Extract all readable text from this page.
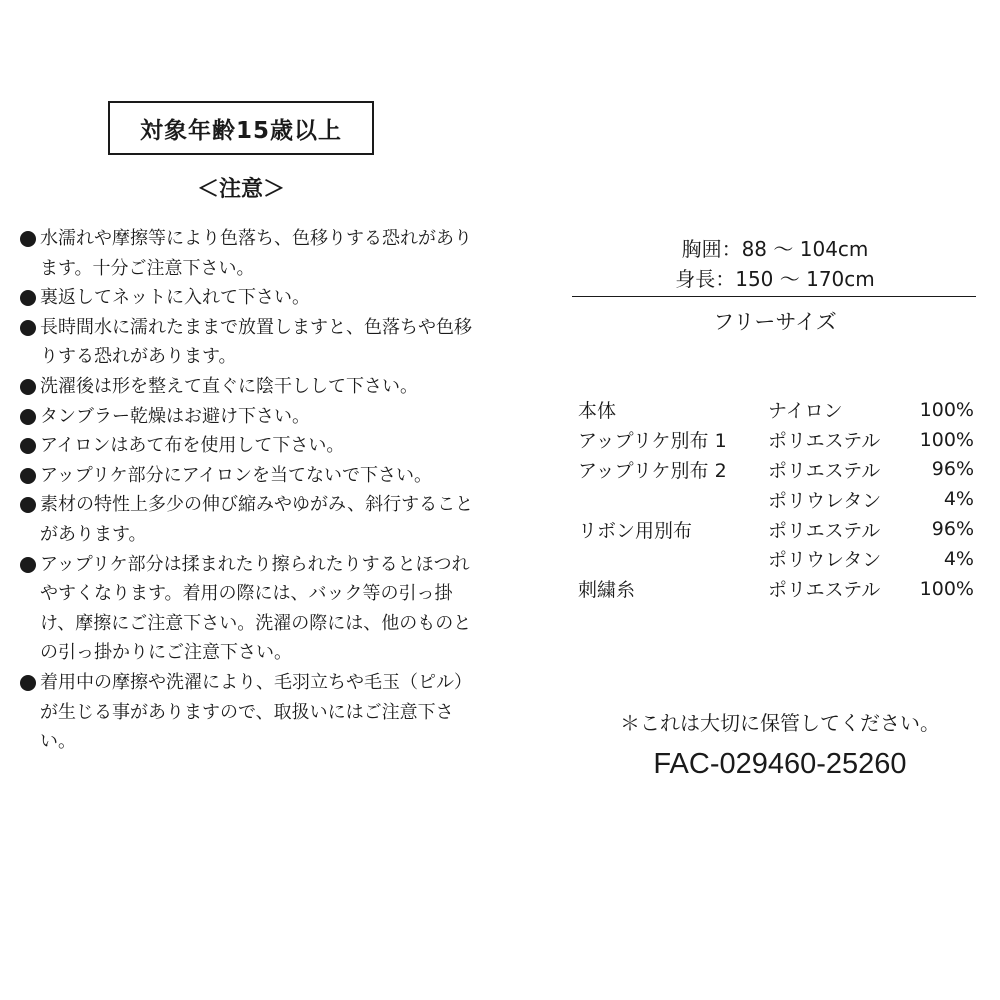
対象年齢15歳以上
＜注意＞
水濡れや摩擦等により色落ち、色移りする恐れがあります。十分ご注意下さい。
裏返してネットに入れて下さい。
長時間水に濡れたままで放置しますと、色落ちや色移りする恐れがあります。
洗濯後は形を整えて直ぐに陰干しして下さい。
タンブラー乾燥はお避け下さい。
アイロンはあて布を使用して下さい。
アップリケ部分にアイロンを当てないで下さい。
素材の特性上多少の伸び縮みやゆがみ、斜行することがあります。
アップリケ部分は揉まれたり擦られたりするとほつれやすくなります。着用の際には、バック等の引っ掛け、摩擦にご注意下さい。洗濯の際には、他のものとの引っ掛かりにご注意下さい。
着用中の摩擦や洗濯により、毛羽立ちや毛玉（ピル）が生じる事がありますので、取扱いにはご注意下さい。
胸囲：88 ～ 104cm
身長：150 ～ 170cm
フリーサイズ
本体	ナイロン	100%
アップリケ別布 1	ポリエステル	100%
アップリケ別布 2	ポリエステル	96%
	ポリウレタン	4%
リボン用別布	ポリエステル	96%
	ポリウレタン	4%
刺繍糸	ポリエステル	100%
＊これは大切に保管してください。
FAC-029460-25260
